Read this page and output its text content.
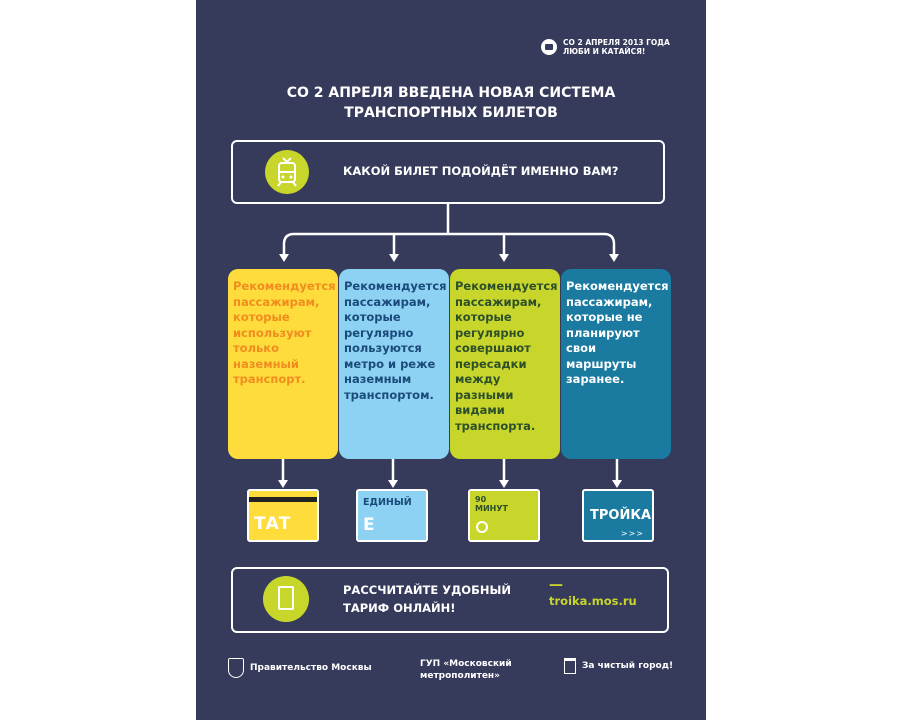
СО 2 АПРЕЛЯ 2013 ГОДА
ЛЮБИ И КАТАЙСЯ!
СО 2 АПРЕЛЯ ВВЕДЕНА НОВАЯ СИСТЕМА
ТРАНСПОРТНЫХ БИЛЕТОВ
КАКОЙ БИЛЕТ ПОДОЙДЁТ ИМЕННО ВАМ?
Рекомендуется пассажирам, которые используют только наземный транспорт.
Рекомендуется пассажирам, которые регулярно пользуются метро и реже наземным транспортом.
Рекомендуется пассажирам, которые регулярно совершают пересадки между разными видами транспорта.
Рекомендуется пассажирам, которые не планируют свои маршруты заранее.
ТАТ
ЕДИНЫЙ
Е
90
МИНУТ	ТРОЙКА
>>>
РАССЧИТАЙТЕ УДОБНЫЙ
ТАРИФ ОНЛАЙН!
—
troika.mos.ru
Правительство Москвы	ГУП «Московский
метрополитен»
За чистый город!
